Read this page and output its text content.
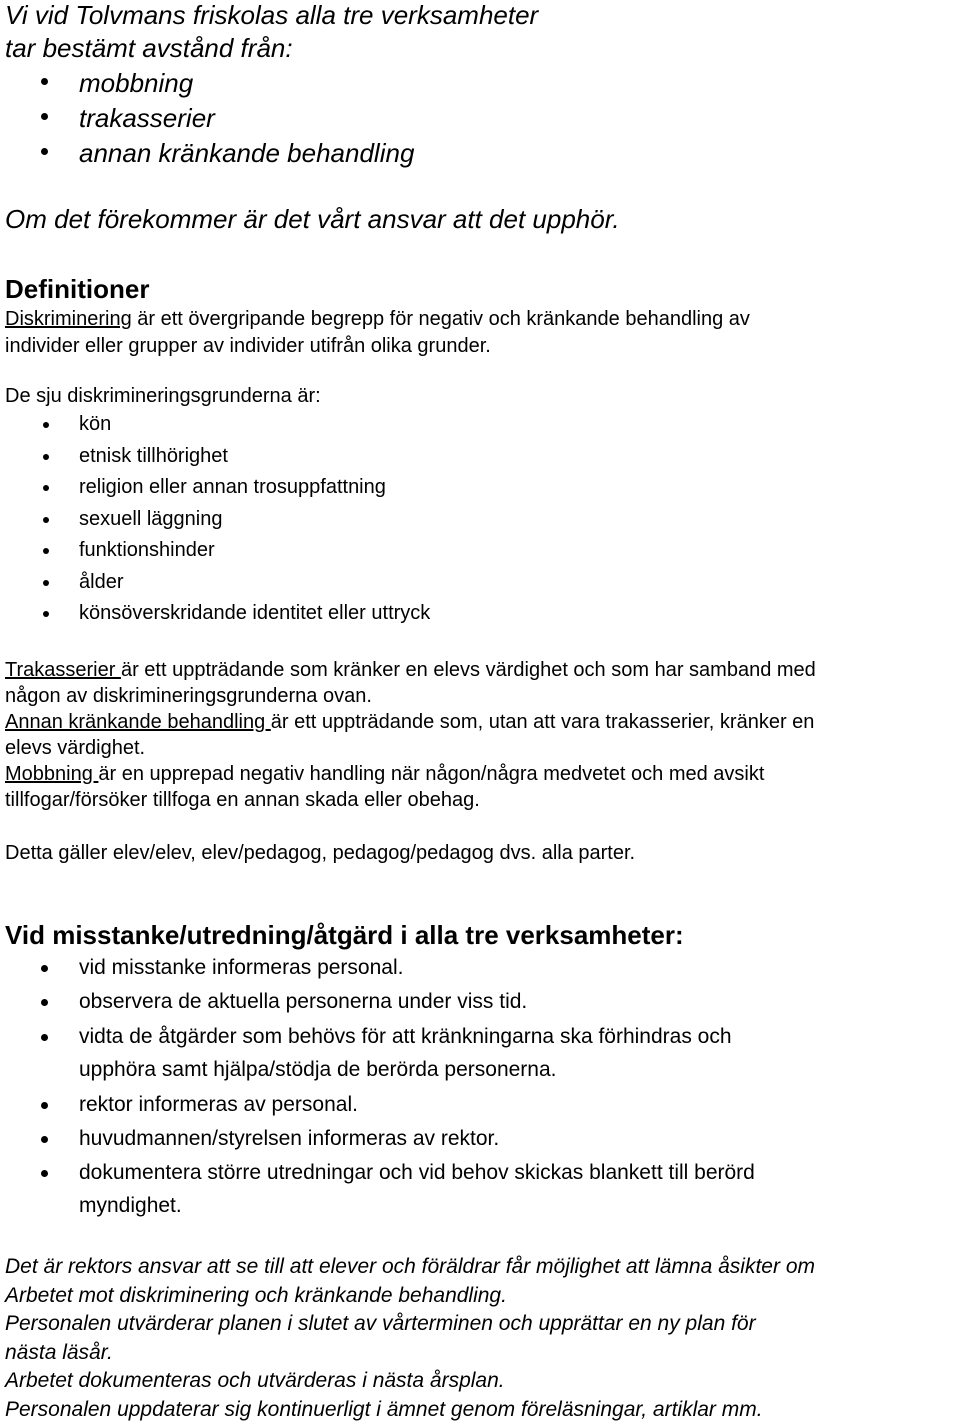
Vi vid Tolvmans friskolas alla tre verksamheter
tar bestämt avstånd från:
mobbning
trakasserier
annan kränkande behandling
Om det förekommer är det vårt ansvar att det upphör.
Definitioner
Diskriminering är ett övergripande begrepp för negativ och kränkande behandling av
individer eller grupper av individer utifrån olika grunder.
De sju diskrimineringsgrunderna är:
kön
etnisk tillhörighet
religion eller annan trosuppfattning
sexuell läggning
funktionshinder
ålder
könsöverskridande identitet eller uttryck
Trakasserier är ett uppträdande som kränker en elevs värdighet och som har samband med
någon av diskrimineringsgrunderna ovan.
Annan kränkande behandling är ett uppträdande som, utan att vara trakasserier, kränker en
elevs värdighet.
Mobbning är en upprepad negativ handling när någon/några medvetet och med avsikt
tillfogar/försöker tillfoga en annan skada eller obehag.
Detta gäller elev/elev, elev/pedagog, pedagog/pedagog dvs. alla parter.
Vid misstanke/utredning/åtgärd i alla tre verksamheter:
vid misstanke informeras personal.
observera de aktuella personerna under viss tid.
vidta de åtgärder som behövs för att kränkningarna ska förhindras och
upphöra samt hjälpa/stödja de berörda personerna.
rektor informeras av personal.
huvudmannen/styrelsen informeras av rektor.
dokumentera större utredningar och vid behov skickas blankett till berörd
myndighet.
Det är rektors ansvar att se till att elever och föräldrar får möjlighet att lämna åsikter om
Arbetet mot diskriminering och kränkande behandling.
Personalen utvärderar planen i slutet av vårterminen och upprättar en ny plan för
nästa läsår.
Arbetet dokumenteras och utvärderas i nästa årsplan.
Personalen uppdaterar sig kontinuerligt i ämnet genom föreläsningar, artiklar mm.
